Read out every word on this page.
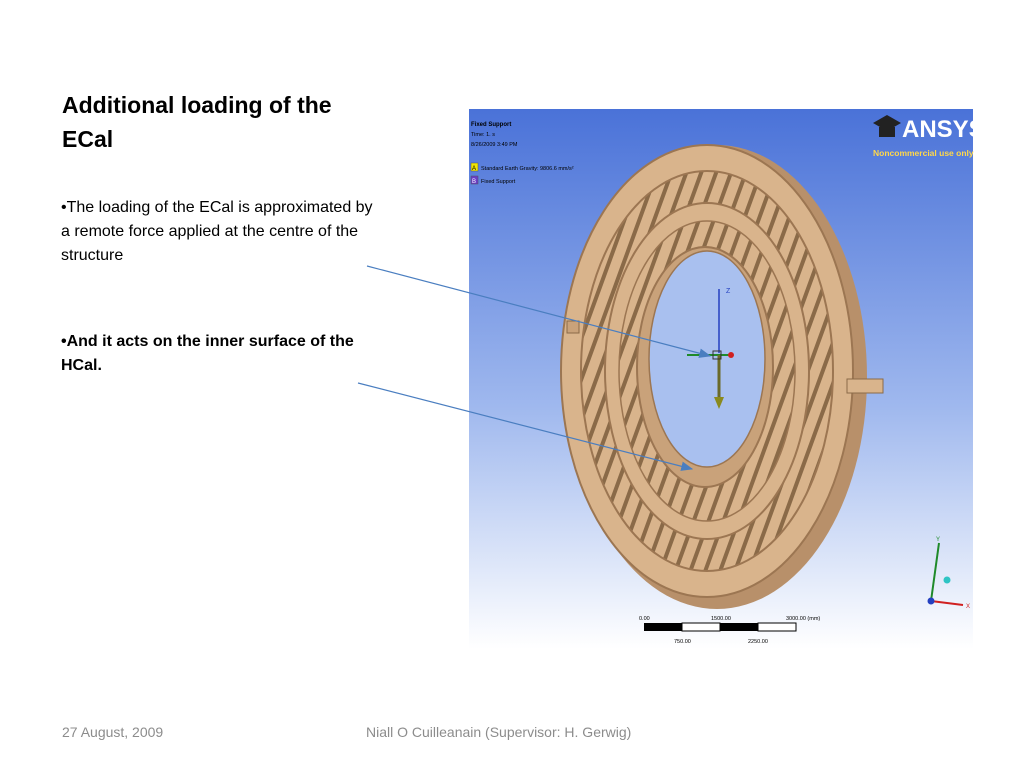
Additional loading of the ECal

•The loading of the ECal is approximated by a remote force applied at the centre of the structure

•And it acts on the inner surface of the HCal.

Z
Fixed Support
Time: 1. s
8/26/2009 3:49 PM
A Standard Earth Gravity: 9806.6 mm/s²
B Fixed Support
ANSYS
Noncommercial use only
0.00	1500.00	3000.00 (mm)
750.00	2250.00
Y
X
27 August, 2009	Niall O Cuilleanain (Supervisor: H. Gerwig)
